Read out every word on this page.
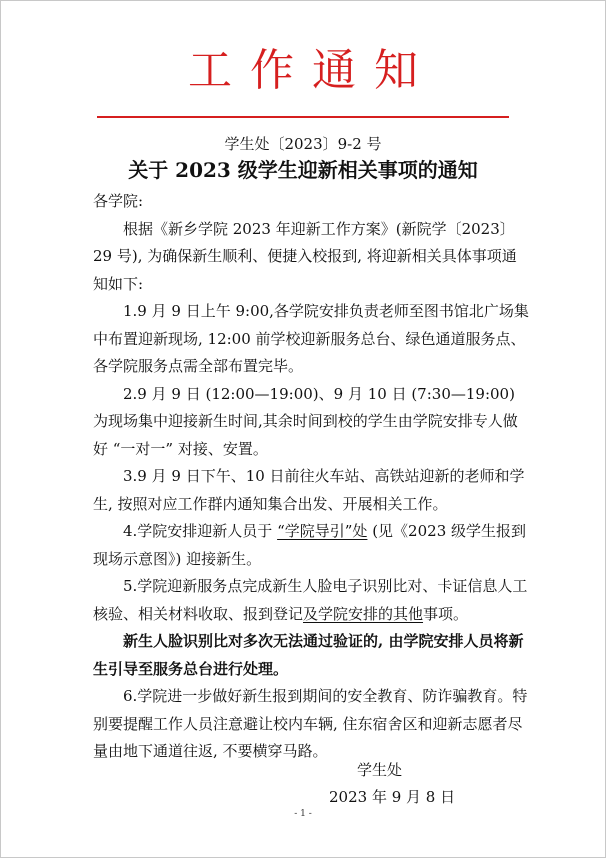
工作通知
学生处〔2023〕9-2 号
关于 2023 级学生迎新相关事项的通知

各学院:

根据《新乡学院 2023 年迎新工作方案》(新院学〔2023〕29 号), 为确保新生顺利、便捷入校报到, 将迎新相关具体事项通知如下:

1.9 月 9 日上午 9:00,各学院安排负责老师至图书馆北广场集中布置迎新现场, 12:00 前学校迎新服务总台、绿色通道服务点、各学院服务点需全部布置完毕。

2.9 月 9 日 (12:00—19:00)、9 月 10 日 (7:30—19:00) 为现场集中迎接新生时间,其余时间到校的学生由学院安排专人做好 “一对一” 对接、安置。

3.9 月 9 日下午、10 日前往火车站、高铁站迎新的老师和学生, 按照对应工作群内通知集合出发、开展相关工作。

4.学院安排迎新人员于 “学院导引”处 (见《2023 级学生报到现场示意图》) 迎接新生。

5.学院迎新服务点完成新生人脸电子识别比对、卡证信息人工核验、相关材料收取、报到登记及学院安排的其他事项。

新生人脸识别比对多次无法通过验证的, 由学院安排人员将新生引导至服务总台进行处理。

6.学院进一步做好新生报到期间的安全教育、防诈骗教育。特别要提醒工作人员注意避让校内车辆, 住东宿舍区和迎新志愿者尽量由地下通道往返, 不要横穿马路。

学生处
2023 年 9 月 8 日
- 1 -
